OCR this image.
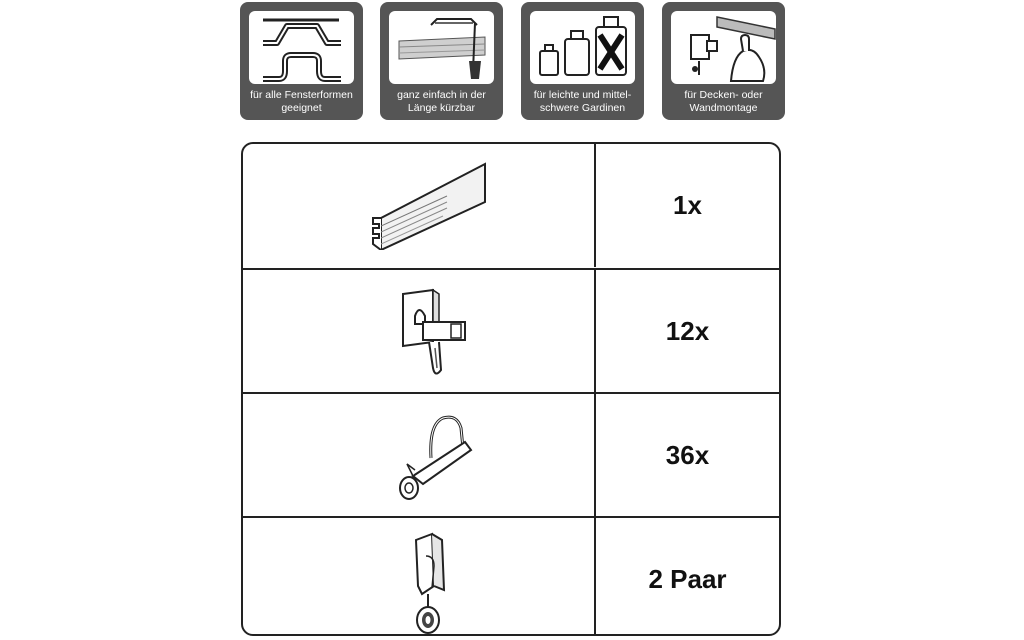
für alle Fensterformen
geeignet
ganz einfach in der
Länge kürzbar
für leichte und mittel-
schwere Gardinen
für Decken- oder
Wandmontage
1x
12x
36x
2 Paar
